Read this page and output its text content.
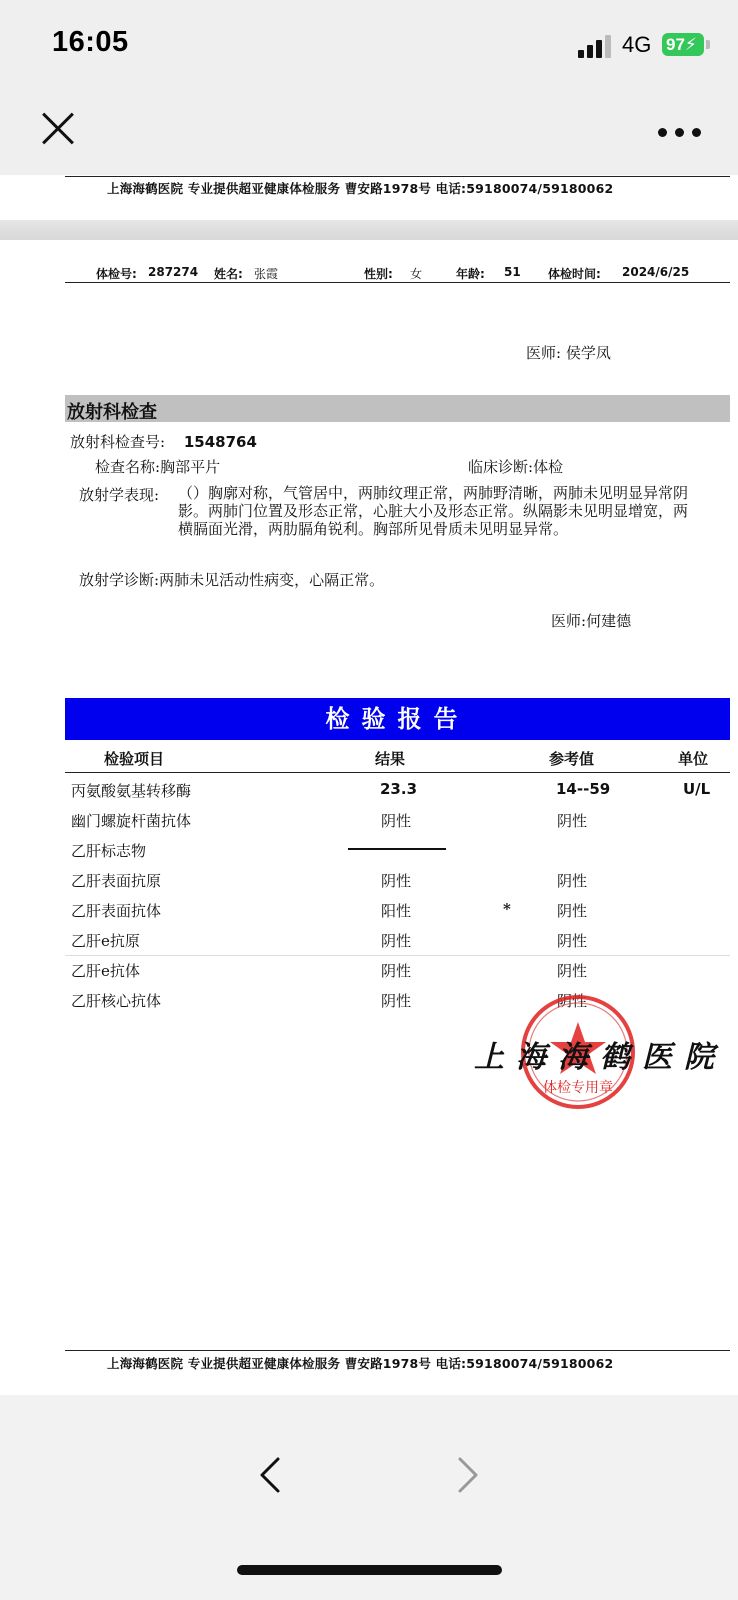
16:05	4G 97⚡
上海海鹤医院 专业提供超亚健康体检服务 曹安路1978号 电话:59180074/59180062
体检号: 287274 姓名: 张霞	性别: 女	年龄: 51 体检时间: 2024/6/25
医师: 侯学凤
放射科检查
放射科检查号: 1548764
检查名称:胸部平片	临床诊断:体检
放射学表现: （）胸廓对称，气管居中，两肺纹理正常，两肺野清晰，两肺未见明显异常阴影。两肺门位置及形态正常，心脏大小及形态正常。纵隔影未见明显增宽，两横膈面光滑，两肋膈角锐利。胸部所见骨质未见明显异常。
放射学诊断:两肺未见活动性病变，心隔正常。
医师:何建德
检验报告
检验项目	结果	参考值	单位
丙氨酸氨基转移酶	23.3	14--59	U/L
幽门螺旋杆菌抗体	阴性	阴性
乙肝标志物
乙肝表面抗原	阴性	阴性
乙肝表面抗体	阳性	*	阴性
乙肝e抗原	阴性	阴性
乙肝e抗体	阴性	阴性
乙肝核心抗体	阴性	阴性
体检专用章
上海海鹤医院
上海海鹤医院 专业提供超亚健康体检服务 曹安路1978号 电话:59180074/59180062
